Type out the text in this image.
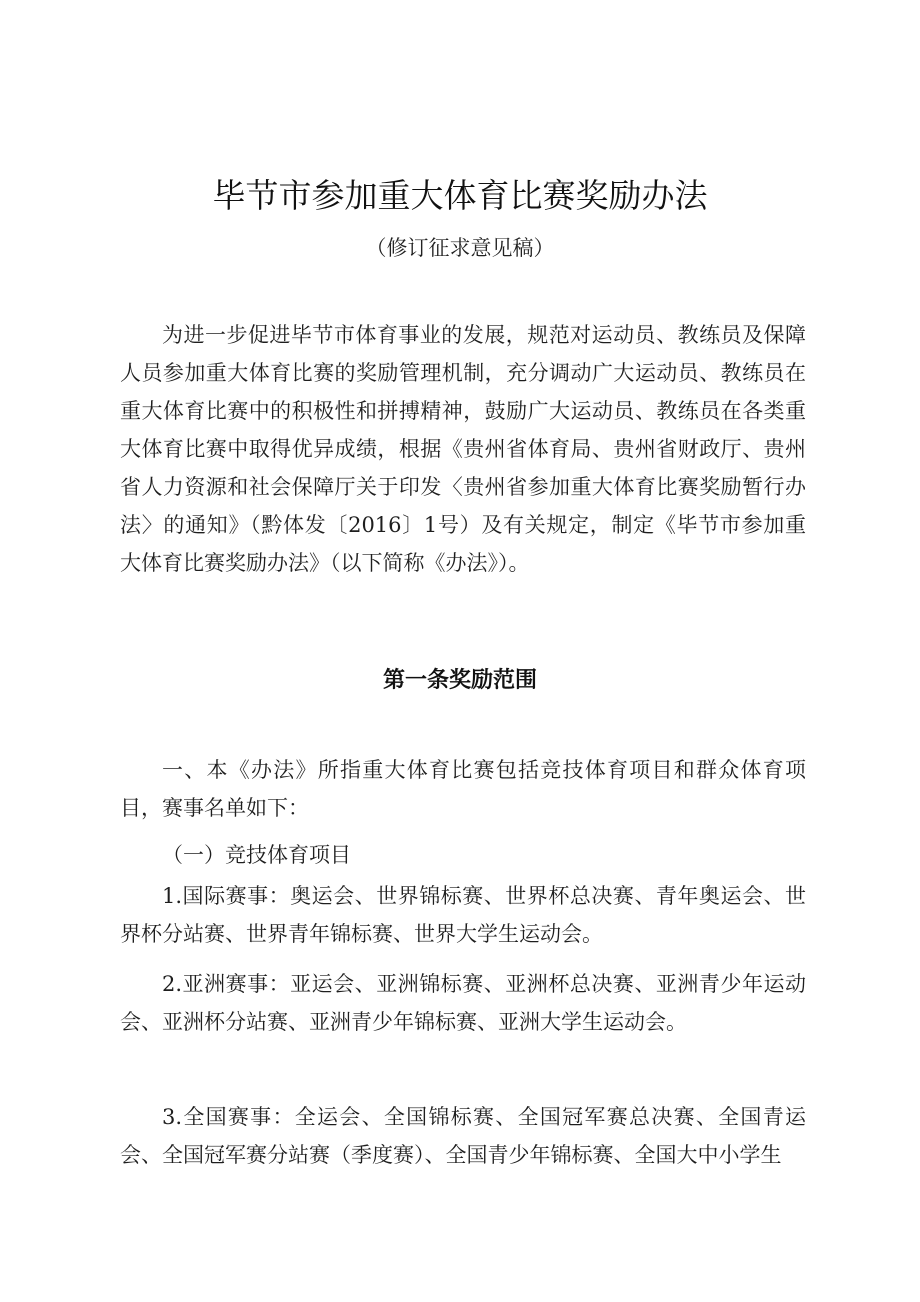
毕节市参加重大体育比赛奖励办法

（修订征求意见稿）

为进一步促进毕节市体育事业的发展，规范对运动员、教练员及保障人员参加重大体育比赛的奖励管理机制，充分调动广大运动员、教练员在重大体育比赛中的积极性和拼搏精神，鼓励广大运动员、教练员在各类重大体育比赛中取得优异成绩，根据《贵州省体育局、贵州省财政厅、贵州省人力资源和社会保障厅关于印发〈贵州省参加重大体育比赛奖励暂行办法〉的通知》（黔体发〔2016〕1号）及有关规定，制定《毕节市参加重大体育比赛奖励办法》（以下简称《办法》）。

第一条奖励范围

一、本《办法》所指重大体育比赛包括竞技体育项目和群众体育项目，赛事名单如下：

（一）竞技体育项目

1.国际赛事：奥运会、世界锦标赛、世界杯总决赛、青年奥运会、世界杯分站赛、世界青年锦标赛、世界大学生运动会。

2.亚洲赛事：亚运会、亚洲锦标赛、亚洲杯总决赛、亚洲青少年运动会、亚洲杯分站赛、亚洲青少年锦标赛、亚洲大学生运动会。

3.全国赛事：全运会、全国锦标赛、全国冠军赛总决赛、全国青运会、全国冠军赛分站赛（季度赛）、全国青少年锦标赛、全国大中小学生
